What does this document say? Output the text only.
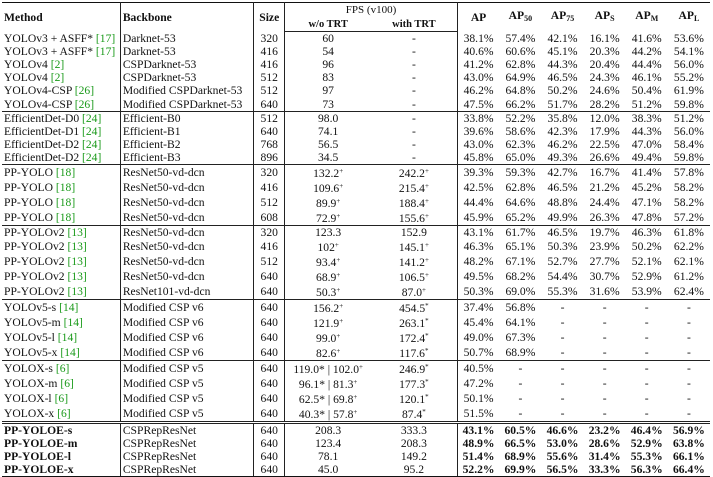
Method	Backbone	Size	FPS (v100)		AP	$AP_{50}$	$AP_{75}$	$AP_S$	$AP_M$	$AP_L$
			w/o TRT	with TRT						
YOLOv3 + ASFF* [17]	Darknet-53	320	60	-	38.1%	57.4%	42.1%	16.1%	41.6%	53.6%
YOLOv3 + ASFF* [17]	Darknet-53	416	54	-	40.6%	60.6%	45.1%	20.3%	44.2%	54.1%
YOLOv4 [2]	CSPDarknet-53	416	96	-	41.2%	62.8%	44.3%	20.4%	44.4%	56.0%
YOLOv4 [2]	CSPDarknet-53	512	83	-	43.0%	64.9%	46.5%	24.3%	46.1%	55.2%
YOLOv4-CSP [26]	Modified CSPDarknet-53	512	97	-	46.2%	64.8%	50.2%	24.6%	50.4%	61.9%
YOLOv4-CSP [26]	Modified CSPDarknet-53	640	73	-	47.5%	66.2%	51.7%	28.2%	51.2%	59.8%
EfficientDet-D0 [24]	Efficient-B0	512	98.0	-	33.8%	52.2%	35.8%	12.0%	38.3%	51.2%
EfficientDet-D1 [24]	Efficient-B1	640	74.1	-	39.6%	58.6%	42.3%	17.9%	44.3%	56.0%
EfficientDet-D2 [24]	Efficient-B2	768	56.5	-	43.0%	62.3%	46.2%	22.5%	47.0%	58.4%
EfficientDet-D2 [24]	Efficient-B3	896	34.5	-	45.8%	65.0%	49.3%	26.6%	49.4%	59.8%
PP-YOLO [18]	ResNet50-vd-dcn	320	132.2+	242.2+	39.3%	59.3%	42.7%	16.7%	41.4%	57.8%
PP-YOLO [18]	ResNet50-vd-dcn	416	109.6+	215.4+	42.5%	62.8%	46.5%	21.2%	45.2%	58.2%
PP-YOLO [18]	ResNet50-vd-dcn	512	89.9+	188.4+	44.4%	64.6%	48.8%	24.4%	47.1%	58.2%
PP-YOLO [18]	ResNet50-vd-dcn	608	72.9+	155.6+	45.9%	65.2%	49.9%	26.3%	47.8%	57.2%
PP-YOLOv2 [13]	ResNet50-vd-dcn	320	123.3	152.9	43.1%	61.7%	46.5%	19.7%	46.3%	61.8%
PP-YOLOv2 [13]	ResNet50-vd-dcn	416	102+	145.1+	46.3%	65.1%	50.3%	23.9%	50.2%	62.2%
PP-YOLOv2 [13]	ResNet50-vd-dcn	512	93.4+	141.2+	48.2%	67.1%	52.7%	27.7%	52.1%	62.1%
PP-YOLOv2 [13]	ResNet50-vd-dcn	640	68.9+	106.5+	49.5%	68.2%	54.4%	30.7%	52.9%	61.2%
PP-YOLOv2 [13]	ResNet101-vd-dcn	640	50.3+	87.0+	50.3%	69.0%	55.3%	31.6%	53.9%	62.4%
YOLOv5-s [14]	Modified CSP v6	640	156.2+	454.5*	37.4%	56.8%	-	-	-	-
YOLOv5-m [14]	Modified CSP v6	640	121.9+	263.1*	45.4%	64.1%	-	-	-	-
YOLOv5-l [14]	Modified CSP v6	640	99.0+	172.4*	49.0%	67.3%	-	-	-	-
YOLOv5-x [14]	Modified CSP v6	640	82.6+	117.6*	50.7%	68.9%	-	-	-	-
YOLOX-s [6]	Modified CSP v5	640	119.0* | 102.0+	246.9*	40.5%	-	-	-	-	-
YOLOX-m [6]	Modified CSP v5	640	96.1* | 81.3+	177.3*	47.2%	-	-	-	-	-
YOLOX-l [6]	Modified CSP v5	640	62.5* | 69.8+	120.1*	50.1%	-	-	-	-	-
YOLOX-x [6]	Modified CSP v5	640	40.3* | 57.8+	87.4*	51.5%	-	-	-	-	-
PP-YOLOE-s	CSPRepResNet	640	208.3	333.3	43.1%	60.5%	46.6%	23.2%	46.4%	56.9%
PP-YOLOE-m	CSPRepResNet	640	123.4	208.3	48.9%	66.5%	53.0%	28.6%	52.9%	63.8%
PP-YOLOE-l	CSPRepResNet	640	78.1	149.2	51.4%	68.9%	55.6%	31.4%	55.3%	66.1%
PP-YOLOE-x	CSPRepResNet	640	45.0	95.2	52.2%	69.9%	56.5%	33.3%	56.3%	66.4%
